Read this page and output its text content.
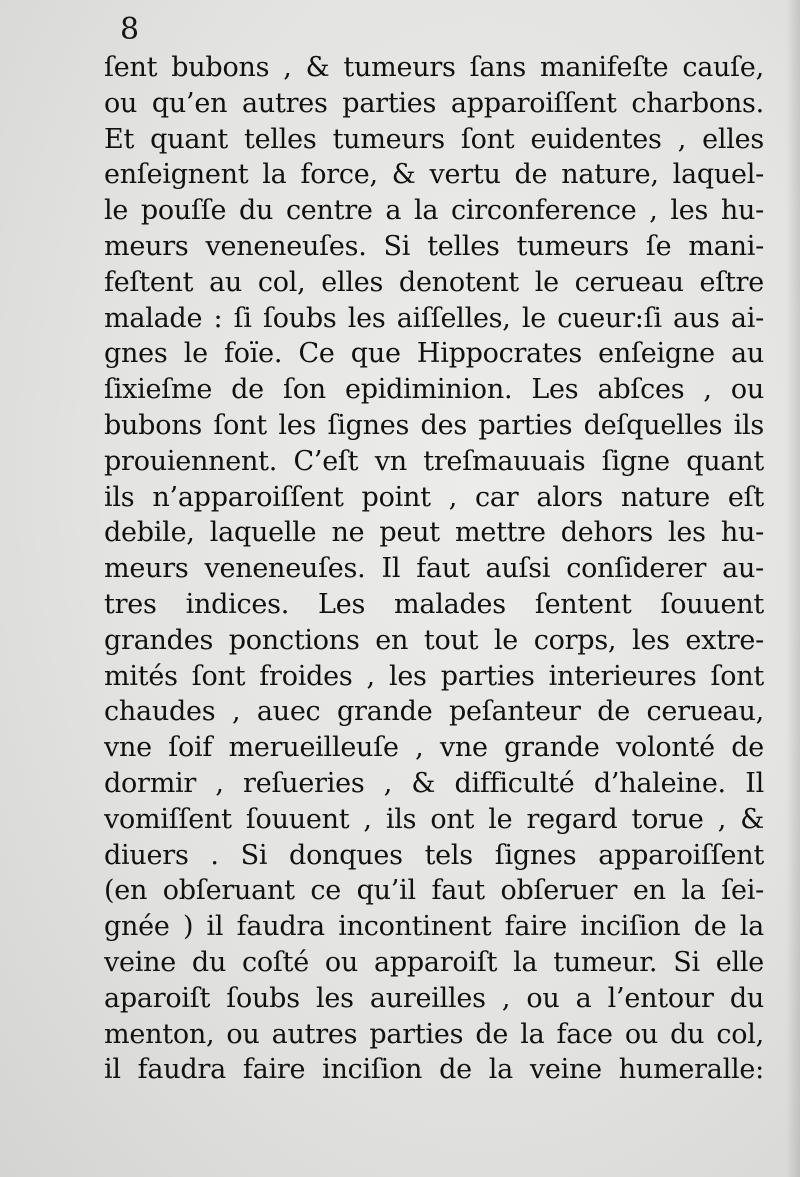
8
ſent bubons , & tumeurs ſans manifeſte cauſe,
ou qu’en autres parties apparoiſſent charbons.
Et quant telles tumeurs ſont euidentes , elles
enſeignent la force, & vertu de nature, laquel-
le pouſſe du centre a la circonference , les hu-
meurs veneneuſes. Si telles tumeurs ſe mani-
feſtent au col, elles denotent le cerueau eſtre
malade : ſi ſoubs les aiſſelles, le cueur:ſi aus ai-
gnes le foïe. Ce que Hippocrates enſeigne au
ſixieſme de ſon epidiminion. Les abſces , ou
bubons ſont les ſignes des parties deſquelles ils
prouiennent. C’eſt vn treſmauuais ſigne quant
ils n’apparoiſſent point , car alors nature eſt
debile, laquelle ne peut mettre dehors les hu-
meurs veneneuſes. Il faut auſsi conſiderer au-
tres indices. Les malades ſentent ſouuent
grandes ponctions en tout le corps, les extre-
mités ſont froides , les parties interieures ſont
chaudes , auec grande peſanteur de cerueau,
vne ſoif merueilleuſe , vne grande volonté de
dormir , reſueries , & difficulté d’haleine. Il
vomiſſent ſouuent , ils ont le regard torue , &
diuers . Si donques tels ſignes apparoiſſent
(en obſeruant ce qu’il faut obſeruer en la ſei-
gnée ) il faudra incontinent faire inciſion de la
veine du coſté ou apparoiſt la tumeur. Si elle
aparoiſt ſoubs les aureilles , ou a l’entour du
menton, ou autres parties de la face ou du col,
il faudra faire inciſion de la veine humeralle:
